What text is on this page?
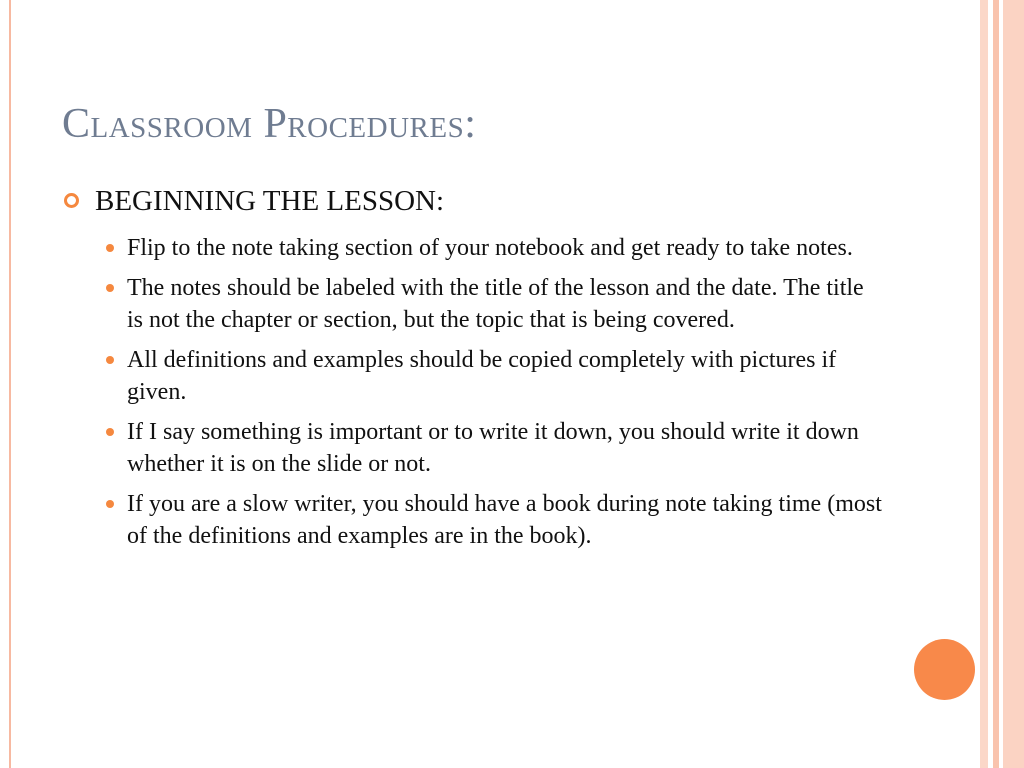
Classroom Procedures:
BEGINNING THE LESSON:
Flip to the note taking section of your notebook and get ready to take notes.
The notes should be labeled with the title of the lesson and the date. The title is not the chapter or section, but the topic that is being covered.
All definitions and examples should be copied completely with pictures if given.
If I say something is important or to write it down, you should write it down whether it is on the slide or not.
If you are a slow writer, you should have a book during note taking time (most of the definitions and examples are in the book).
